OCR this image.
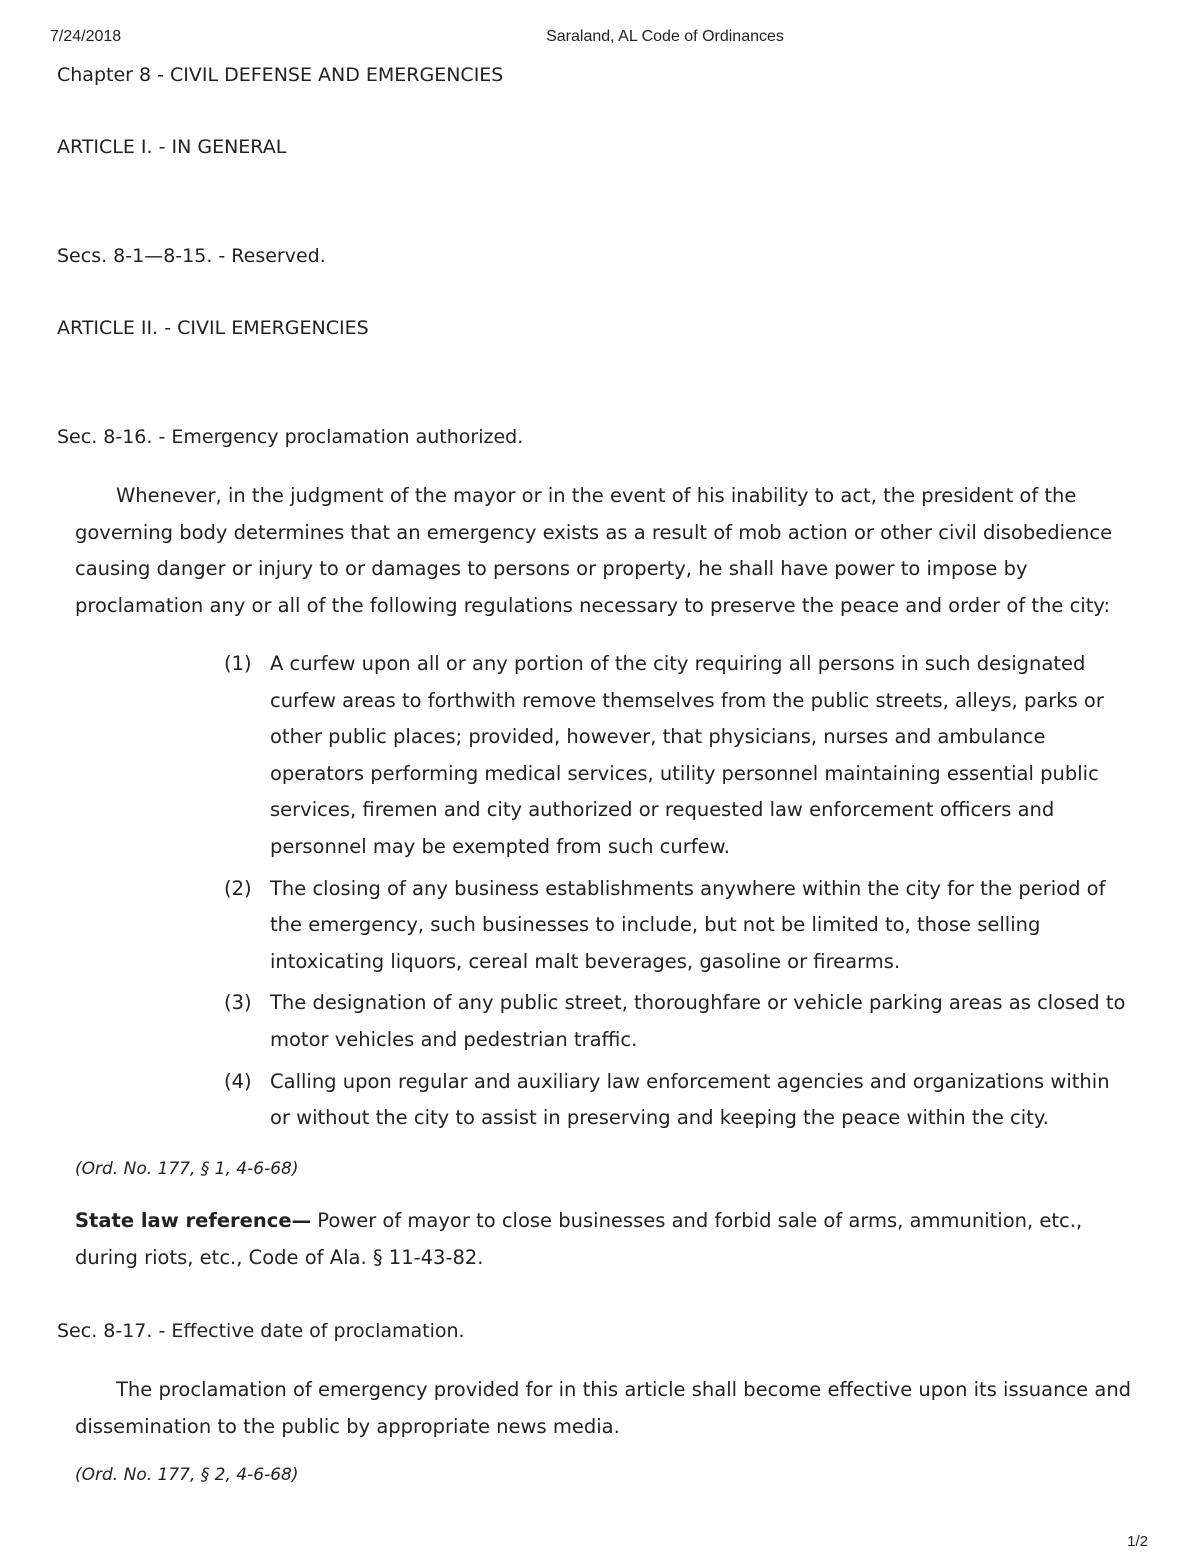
7/24/2018	Saraland, AL Code of Ordinances
Chapter 8 - CIVIL DEFENSE AND EMERGENCIES
ARTICLE I. - IN GENERAL
Secs. 8-1—8-15. - Reserved.
ARTICLE II. - CIVIL EMERGENCIES
Sec. 8-16. - Emergency proclamation authorized.

Whenever, in the judgment of the mayor or in the event of his inability to act, the president of the governing body determines that an emergency exists as a result of mob action or other civil disobedience causing danger or injury to or damages to persons or property, he shall have power to impose by proclamation any or all of the following regulations necessary to preserve the peace and order of the city:

(1) A curfew upon all or any portion of the city requiring all persons in such designated curfew areas to forthwith remove themselves from the public streets, alleys, parks or other public places; provided, however, that physicians, nurses and ambulance operators performing medical services, utility personnel maintaining essential public services, firemen and city authorized or requested law enforcement officers and personnel may be exempted from such curfew.
(2) The closing of any business establishments anywhere within the city for the period of the emergency, such businesses to include, but not be limited to, those selling intoxicating liquors, cereal malt beverages, gasoline or firearms.
(3) The designation of any public street, thoroughfare or vehicle parking areas as closed to motor vehicles and pedestrian traffic.
(4) Calling upon regular and auxiliary law enforcement agencies and organizations within or without the city to assist in preserving and keeping the peace within the city.
(Ord. No. 177, § 1, 4-6-68)

State law reference— Power of mayor to close businesses and forbid sale of arms, ammunition, etc., during riots, etc., Code of Ala. § 11-43-82.

Sec. 8-17. - Effective date of proclamation.

The proclamation of emergency provided for in this article shall become effective upon its issuance and dissemination to the public by appropriate news media.

(Ord. No. 177, § 2, 4-6-68)
1/2
